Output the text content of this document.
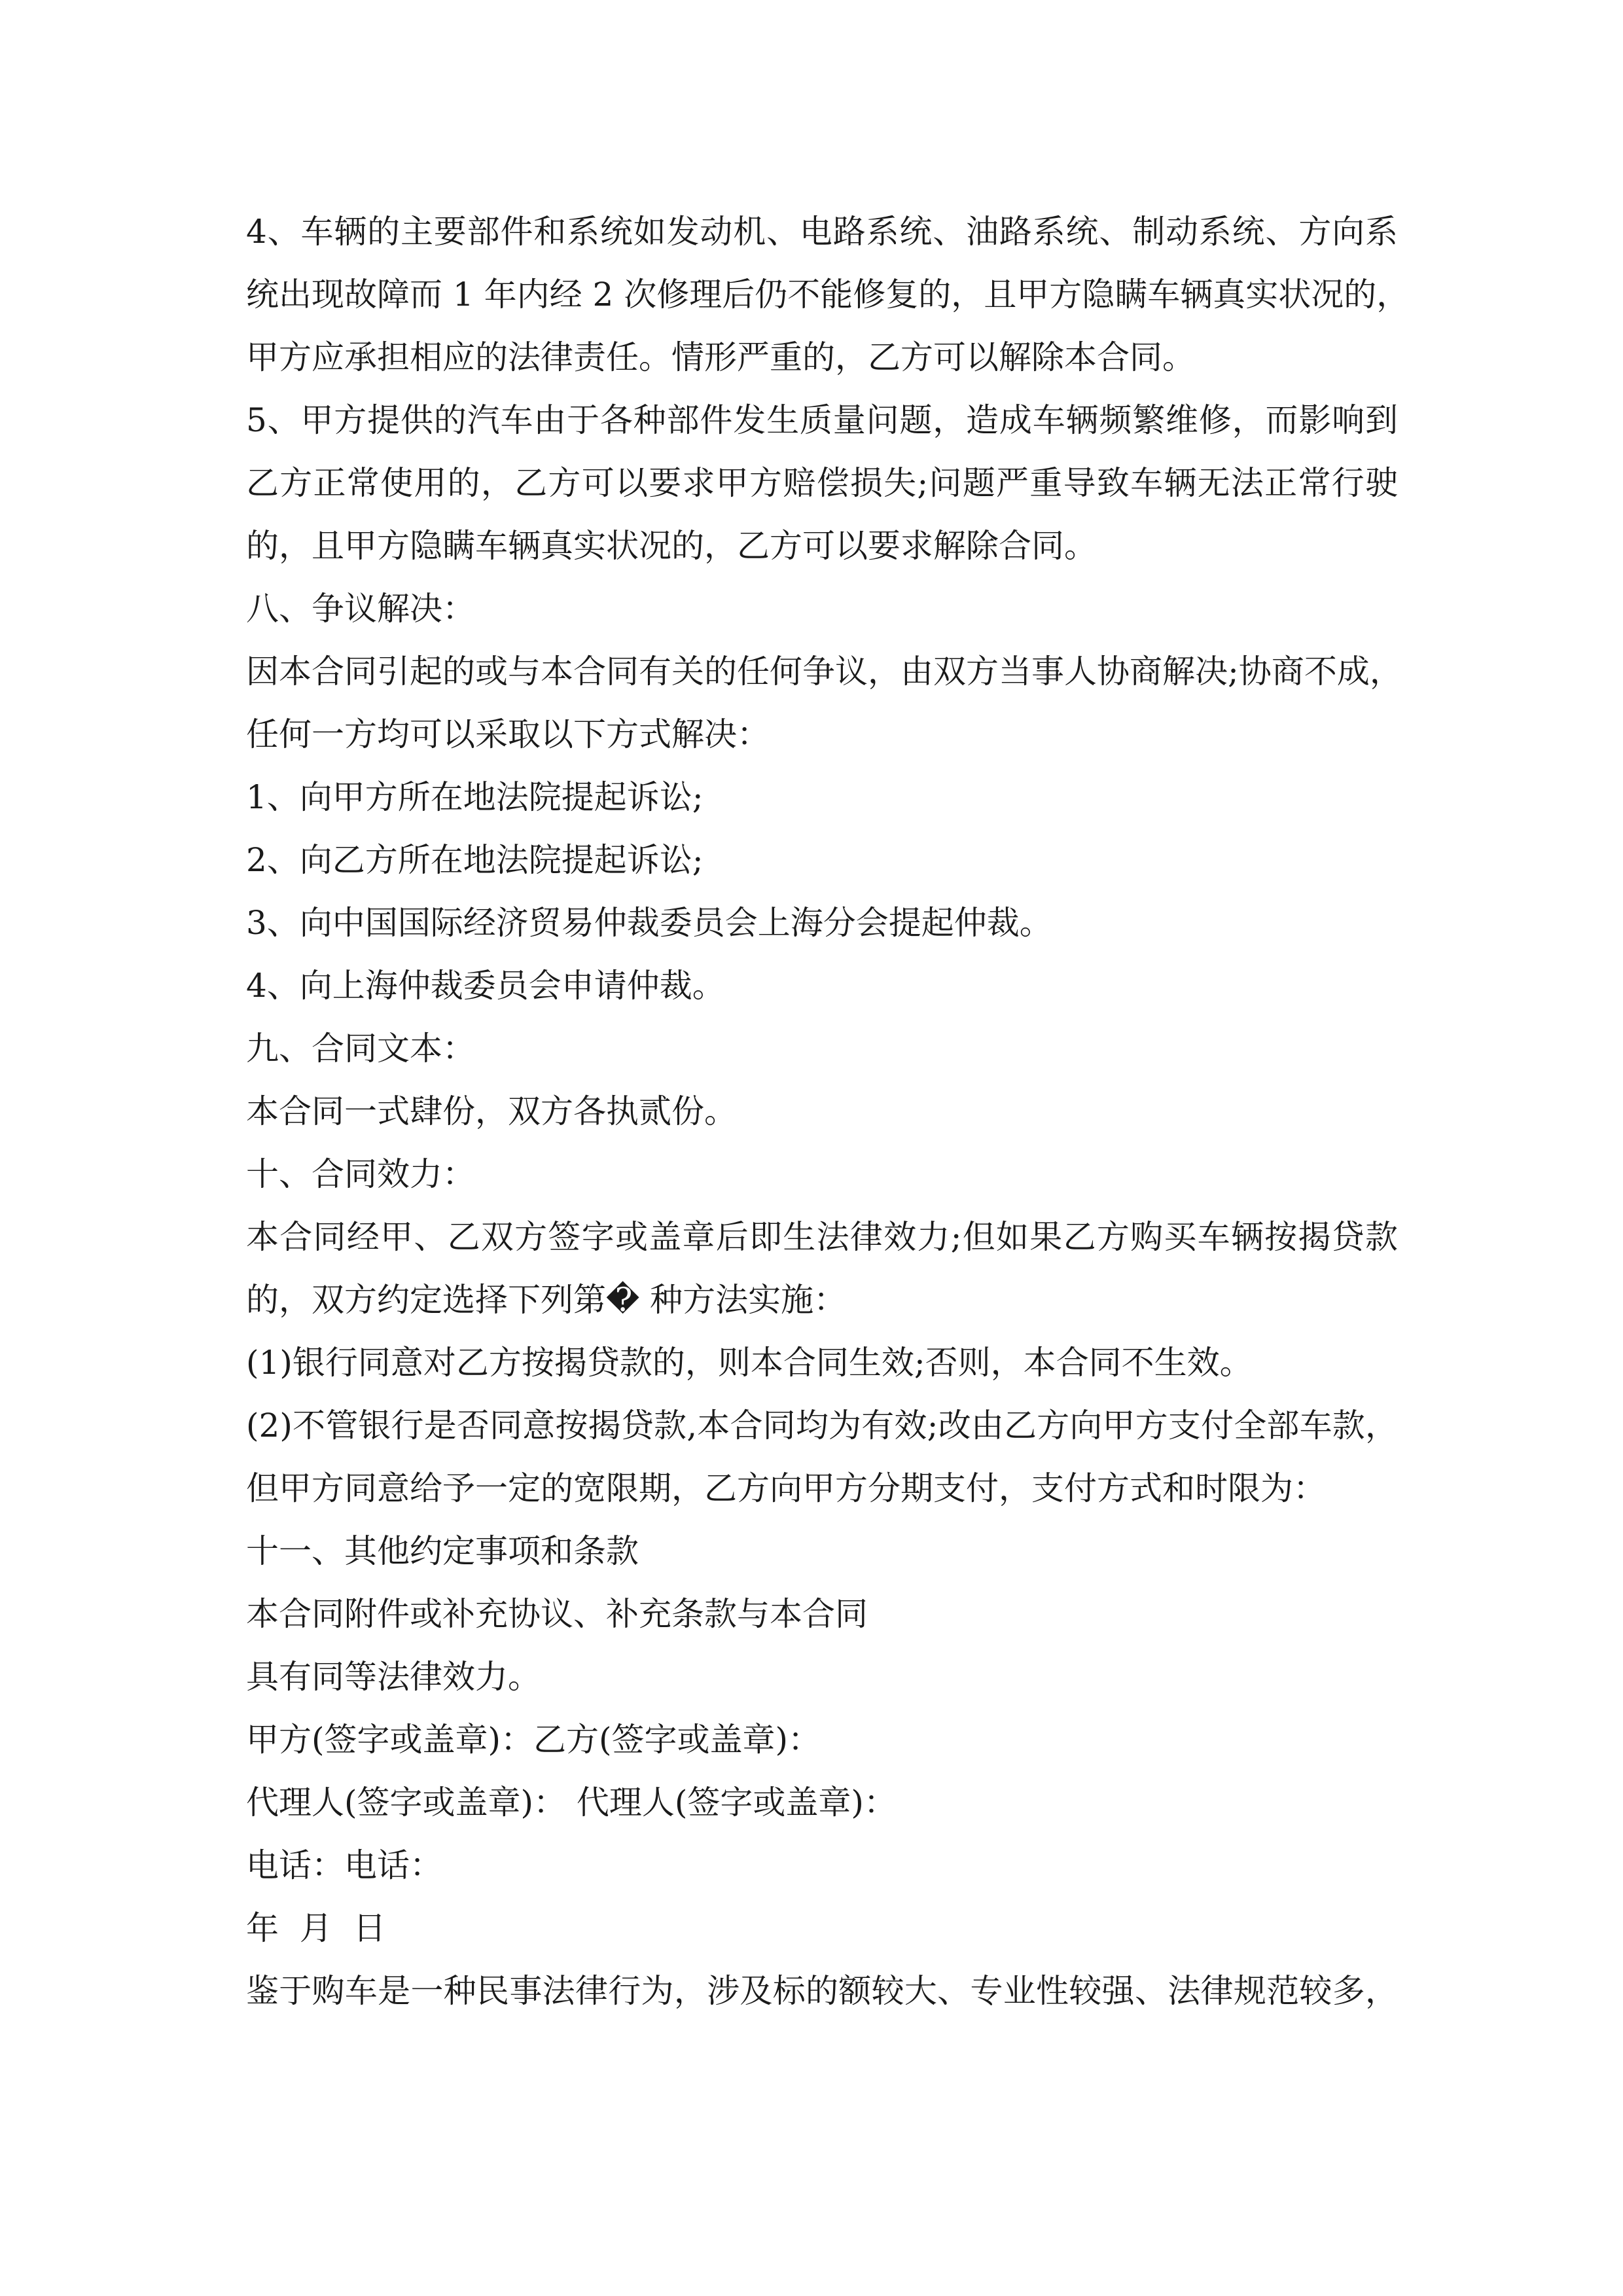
4、车辆的主要部件和系统如发动机、电路系统、油路系统、制动系统、方向系
统出现故障而 1 年内经 2 次修理后仍不能修复的，且甲方隐瞒车辆真实状况的，
甲方应承担相应的法律责任。情形严重的，乙方可以解除本合同。
5、甲方提供的汽车由于各种部件发生质量问题，造成车辆频繁维修，而影响到
乙方正常使用的，乙方可以要求甲方赔偿损失;问题严重导致车辆无法正常行驶
的，且甲方隐瞒车辆真实状况的，乙方可以要求解除合同。
八、争议解决：
因本合同引起的或与本合同有关的任何争议，由双方当事人协商解决;协商不成，
任何一方均可以采取以下方式解决：
1、向甲方所在地法院提起诉讼;
2、向乙方所在地法院提起诉讼;
3、向中国国际经济贸易仲裁委员会上海分会提起仲裁。
4、向上海仲裁委员会申请仲裁。
九、合同文本：
本合同一式肆份，双方各执贰份。
十、合同效力：
本合同经甲、乙双方签字或盖章后即生法律效力;但如果乙方购买车辆按揭贷款
的，双方约定选择下列第� 种方法实施：
(1)银行同意对乙方按揭贷款的，则本合同生效;否则，本合同不生效。
(2)不管银行是否同意按揭贷款,本合同均为有效;改由乙方向甲方支付全部车款，
但甲方同意给予一定的宽限期，乙方向甲方分期支付，支付方式和时限为：
十一、其他约定事项和条款
本合同附件或补充协议、补充条款与本合同
具有同等法律效力。
甲方(签字或盖章)：乙方(签字或盖章)：
代理人(签字或盖章)： 代理人(签字或盖章)：
电话：电话：
年  月  日
鉴于购车是一种民事法律行为，涉及标的额较大、专业性较强、法律规范较多，
